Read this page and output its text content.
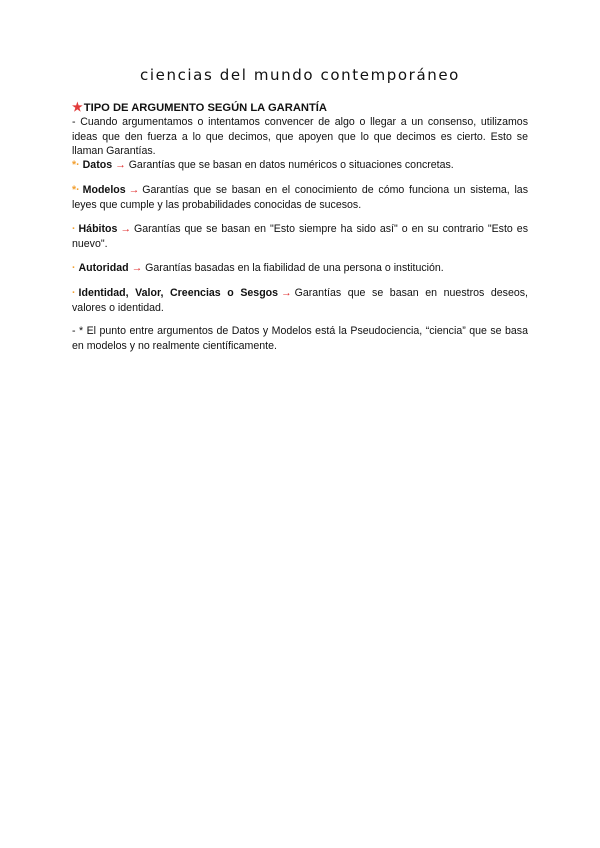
ciencias del mundo contemporáneo
★TIPO DE ARGUMENTO SEGÚN LA GARANTÍA

- Cuando argumentamos o intentamos convencer de algo o llegar a un consenso, utilizamos ideas que den fuerza a lo que decimos, que apoyen que lo que decimos es cierto. Esto se llaman Garantías.

*· Datos → Garantías que se basan en datos numéricos o situaciones concretas.

*· Modelos → Garantías que se basan en el conocimiento de cómo funciona un sistema, las leyes que cumple y las probabilidades conocidas de sucesos.

· Hábitos → Garantías que se basan en "Esto siempre ha sido así" o en su contrario "Esto es nuevo".

· Autoridad → Garantías basadas en la fiabilidad de una persona o institución.

· Identidad, Valor, Creencias o Sesgos → Garantías que se basan en nuestros deseos, valores o identidad.

- * El punto entre argumentos de Datos y Modelos está la Pseudociencia, “ciencia” que se basa en modelos y no realmente científicamente.
